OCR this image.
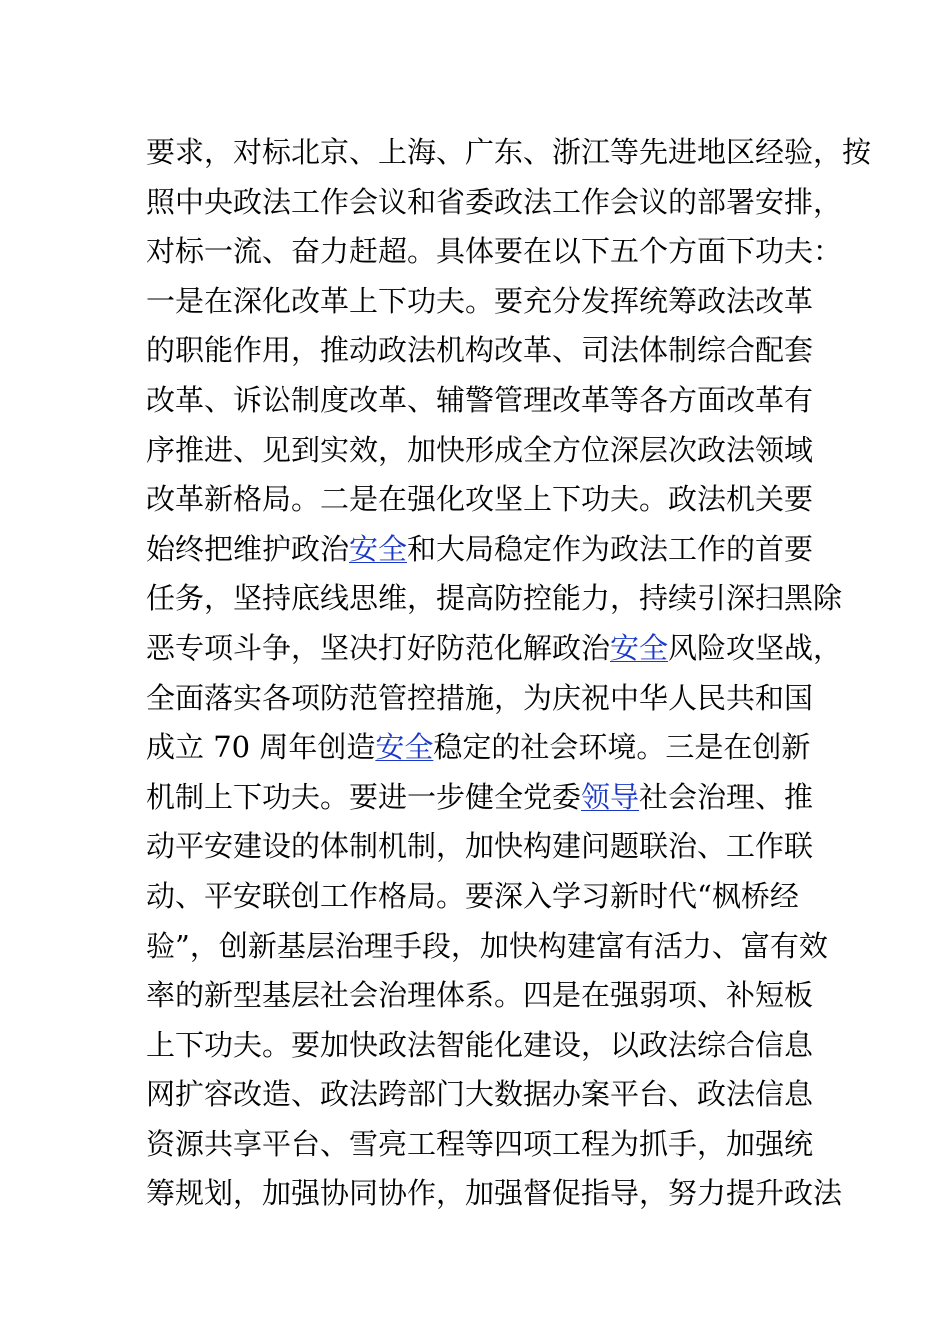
要求，对标北京、上海、广东、浙江等先进地区经验，按
照中央政法工作会议和省委政法工作会议的部署安排，
对标一流、奋力赶超。具体要在以下五个方面下功夫：
一是在深化改革上下功夫。要充分发挥统筹政法改革
的职能作用，推动政法机构改革、司法体制综合配套
改革、诉讼制度改革、辅警管理改革等各方面改革有
序推进、见到实效，加快形成全方位深层次政法领域
改革新格局。二是在强化攻坚上下功夫。政法机关要
始终把维护政治安全和大局稳定作为政法工作的首要
任务，坚持底线思维，提高防控能力，持续引深扫黑除
恶专项斗争，坚决打好防范化解政治安全风险攻坚战，
全面落实各项防范管控措施，为庆祝中华人民共和国
成立 70 周年创造安全稳定的社会环境。三是在创新
机制上下功夫。要进一步健全党委领导社会治理、推
动平安建设的体制机制，加快构建问题联治、工作联
动、平安联创工作格局。要深入学习新时代“枫桥经
验”，创新基层治理手段，加快构建富有活力、富有效
率的新型基层社会治理体系。四是在强弱项、补短板
上下功夫。要加快政法智能化建设，以政法综合信息
网扩容改造、政法跨部门大数据办案平台、政法信息
资源共享平台、雪亮工程等四项工程为抓手，加强统
筹规划，加强协同协作，加强督促指导，努力提升政法
